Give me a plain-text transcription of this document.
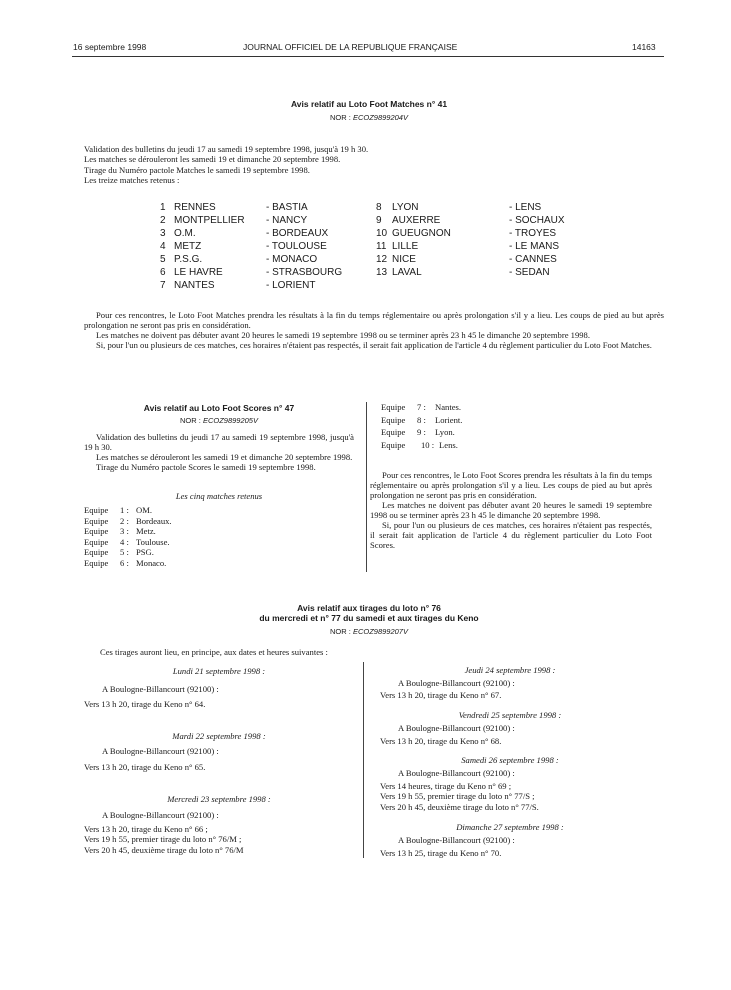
16 septembre 1998	JOURNAL OFFICIEL DE LA REPUBLIQUE FRANÇAISE	14163
Avis relatif au Loto Foot Matches n° 41
NOR : ECOZ9899204V
Validation des bulletins du jeudi 17 au samedi 19 septembre 1998, jusqu'à 19 h 30.
Les matches se dérouleront les samedi 19 et dimanche 20 septembre 1998.
Tirage du Numéro pactole Matches le samedi 19 septembre 1998.
Les treize matches retenus :
1 RENNES	- BASTIA
2 MONTPELLIER - NANCY
3 O.M.	- BORDEAUX
4 METZ	- TOULOUSE
5 P.S.G.	- MONACO
6 LE HAVRE	- STRASBOURG
7 NANTES	- LORIENT
8 LYON	- LENS
9 AUXERRE	- SOCHAUX
10 GUEUGNON	- TROYES
11 LILLE	- LE MANS
12 NICE	- CANNES
13 LAVAL	- SEDAN

Pour ces rencontres, le Loto Foot Matches prendra les résultats à la fin du temps réglementaire ou après prolongation s'il y a lieu. Les coups de pied au but après prolongation ne seront pas pris en considération.

Les matches ne doivent pas débuter avant 20 heures le samedi 19 septembre 1998 ou se terminer après 23 h 45 le dimanche 20 septembre 1998.

Si, pour l'un ou plusieurs de ces matches, ces horaires n'étaient pas respectés, il serait fait application de l'article 4 du règlement particulier du Loto Foot Matches.

Avis relatif au Loto Foot Scores n° 47
NOR : ECOZ9899205V

Validation des bulletins du jeudi 17 au samedi 19 septembre 1998, jusqu'à 19 h 30.

Les matches se dérouleront les samedi 19 et dimanche 20 septembre 1998.

Tirage du Numéro pactole Scores le samedi 19 septembre 1998.

Les cinq matches retenus
Equipe 1 : OM.
Equipe 2 : Bordeaux.
Equipe 3 : Metz.
Equipe 4 : Toulouse.
Equipe 5 : PSG.
Equipe 6 : Monaco.
Equipe 7 : Nantes.
Equipe 8 : Lorient.
Equipe 9 : Lyon.
Equipe 10 : Lens.

Pour ces rencontres, le Loto Foot Scores prendra les résultats à la fin du temps réglementaire ou après prolongation s'il y a lieu. Les coups de pied au but après prolongation ne seront pas pris en considération.

Les matches ne doivent pas débuter avant 20 heures le samedi 19 septembre 1998 ou se terminer après 23 h 45 le dimanche 20 septembre 1998.

Si, pour l'un ou plusieurs de ces matches, ces horaires n'étaient pas respectés, il serait fait application de l'article 4 du règlement particulier du Loto Foot Scores.

Avis relatif aux tirages du loto n° 76
du mercredi et n° 77 du samedi et aux tirages du Keno
NOR : ECOZ9899207V
Ces tirages auront lieu, en principe, aux dates et heures suivantes :
Lundi 21 septembre 1998 :
A Boulogne-Billancourt (92100) :
Vers 13 h 20, tirage du Keno n° 64.
Mardi 22 septembre 1998 :
A Boulogne-Billancourt (92100) :
Vers 13 h 20, tirage du Keno n° 65.
Mercredi 23 septembre 1998 :
A Boulogne-Billancourt (92100) :
Vers 13 h 20, tirage du Keno n° 66 ;
Vers 19 h 55, premier tirage du loto n° 76/M ;
Vers 20 h 45, deuxième tirage du loto n° 76/M
Jeudi 24 septembre 1998 :
A Boulogne-Billancourt (92100) :
Vers 13 h 20, tirage du Keno n° 67.
Vendredi 25 septembre 1998 :
A Boulogne-Billancourt (92100) :
Vers 13 h 20, tirage du Keno n° 68.
Samedi 26 septembre 1998 :
A Boulogne-Billancourt (92100) :
Vers 14 heures, tirage du Keno n° 69 ;
Vers 19 h 55, premier tirage du loto n° 77/S ;
Vers 20 h 45, deuxième tirage du loto n° 77/S.
Dimanche 27 septembre 1998 :
A Boulogne-Billancourt (92100) :
Vers 13 h 25, tirage du Keno n° 70.
